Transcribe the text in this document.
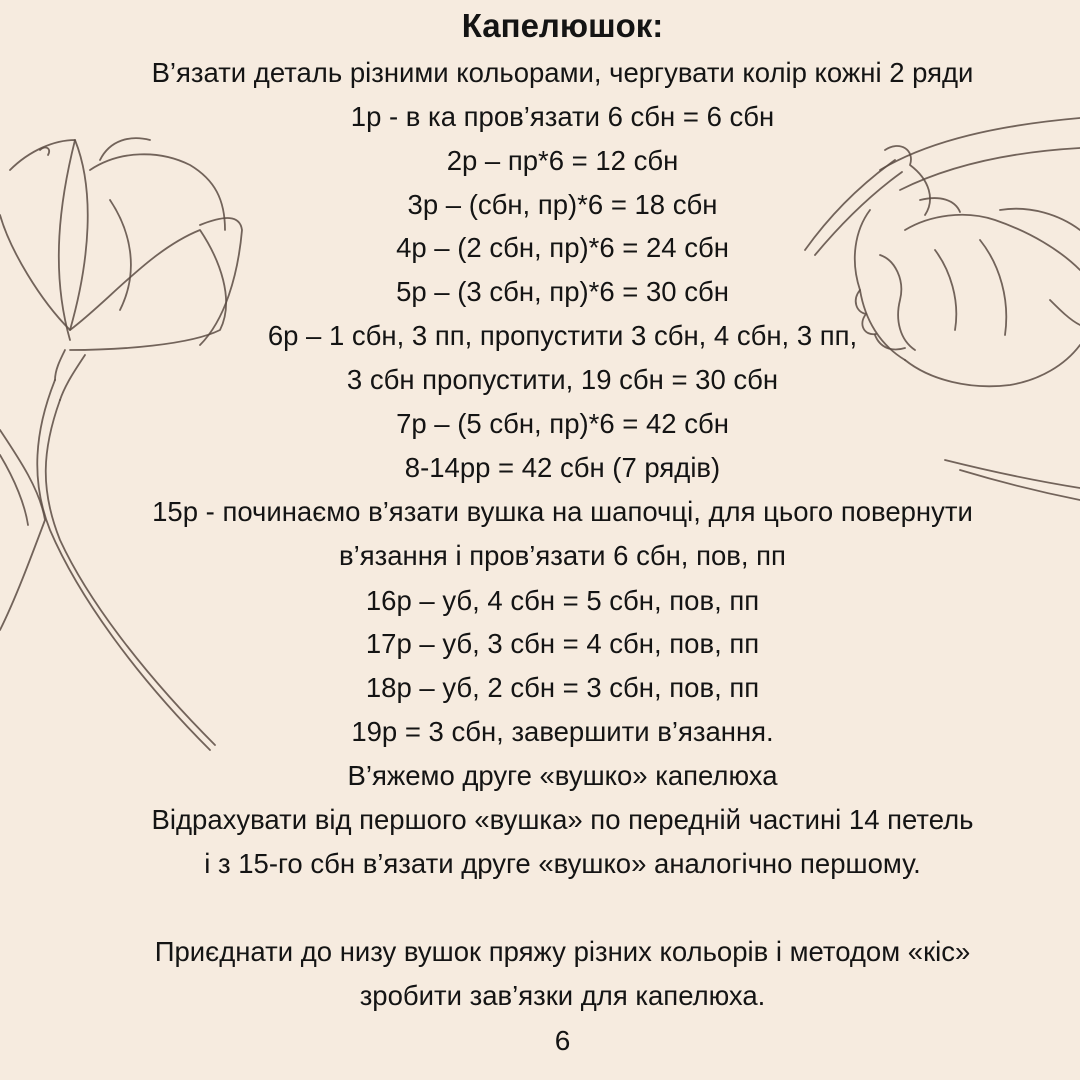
Капелюшок:
В’язати деталь різними кольорами, чергувати колір кожні 2 ряди
1р - в ка пров’язати 6 сбн = 6 сбн
2р – пр*6 = 12 сбн
3р – (сбн, пр)*6 = 18 сбн
4р – (2 сбн, пр)*6 = 24 сбн
5р – (3 сбн, пр)*6 = 30 сбн
6р – 1 сбн, 3 пп, пропустити 3 сбн, 4 сбн, 3 пп,
3 сбн пропустити, 19 сбн = 30 сбн
7р – (5 сбн, пр)*6 = 42 сбн
8-14рр = 42 сбн (7 рядів)
15р - починаємо в’язати вушка на шапочці, для цього повернути
в’язання і пров’язати 6 сбн, пов, пп
16р – уб, 4 сбн = 5 сбн, пов, пп
17р – уб, 3 сбн = 4 сбн, пов, пп
18р – уб, 2 сбн = 3 сбн, пов, пп
19р = 3 сбн, завершити в’язання.
В’яжемо друге «вушко» капелюха
Відрахувати від першого «вушка» по передній частині 14 петель
і з 15-го сбн в’язати друге «вушко» аналогічно першому.
Приєднати до низу вушок пряжу різних кольорів і методом «кіс»
зробити зав’язки для капелюха.
6
